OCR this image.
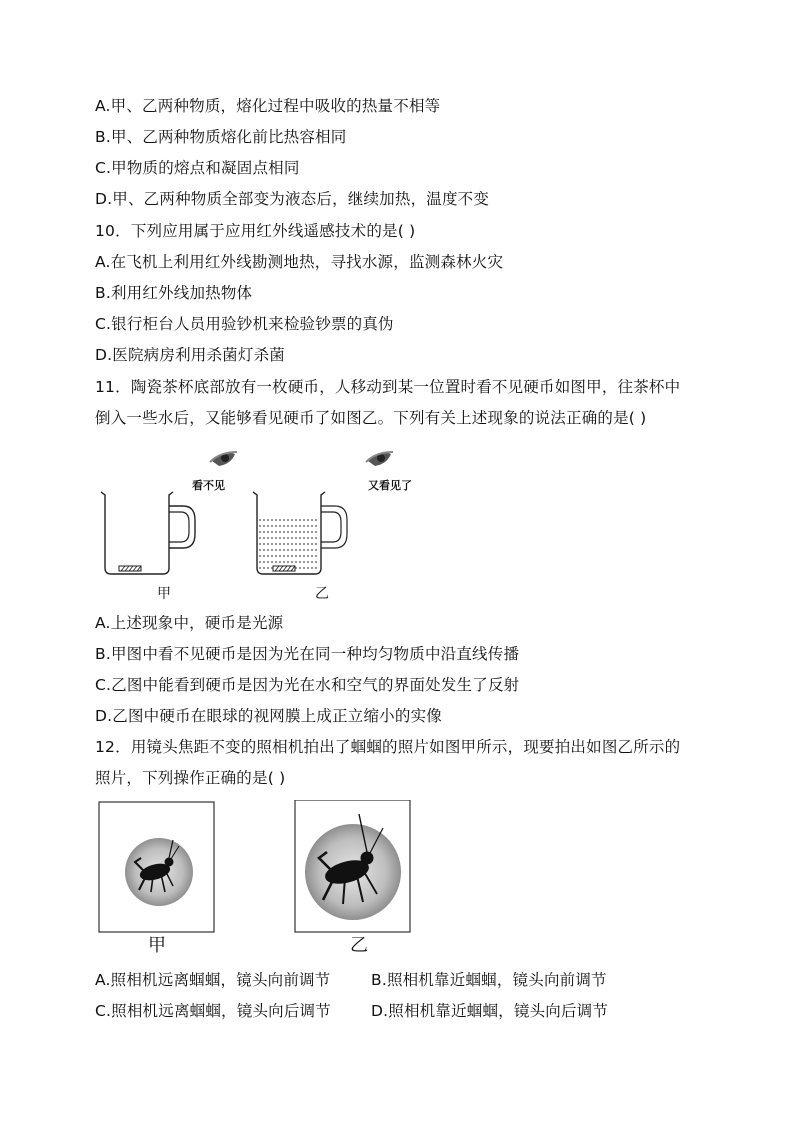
A.甲、乙两种物质，熔化过程中吸收的热量不相等
B.甲、乙两种物质熔化前比热容相同
C.甲物质的熔点和凝固点相同
D.甲、乙两种物质全部变为液态后，继续加热，温度不变
10．下列应用属于应用红外线遥感技术的是( )
A.在飞机上利用红外线勘测地热，寻找水源，监测森林火灾
B.利用红外线加热物体
C.银行柜台人员用验钞机来检验钞票的真伪
D.医院病房利用杀菌灯杀菌
11．陶瓷茶杯底部放有一枚硬币，人移动到某一位置时看不见硬币如图甲，往茶杯中
倒入一些水后，又能够看见硬币了如图乙。下列有关上述现象的说法正确的是( )
看不见	又看见了
甲	乙
A.上述现象中，硬币是光源
B.甲图中看不见硬币是因为光在同一种均匀物质中沿直线传播
C.乙图中能看到硬币是因为光在水和空气的界面处发生了反射
D.乙图中硬币在眼球的视网膜上成正立缩小的实像
12．用镜头焦距不变的照相机拍出了蝈蝈的照片如图甲所示，现要拍出如图乙所示的
照片，下列操作正确的是( )
甲	乙
A.照相机远离蝈蝈，镜头向前调节	B.照相机靠近蝈蝈，镜头向前调节
C.照相机远离蝈蝈，镜头向后调节	D.照相机靠近蝈蝈，镜头向后调节
